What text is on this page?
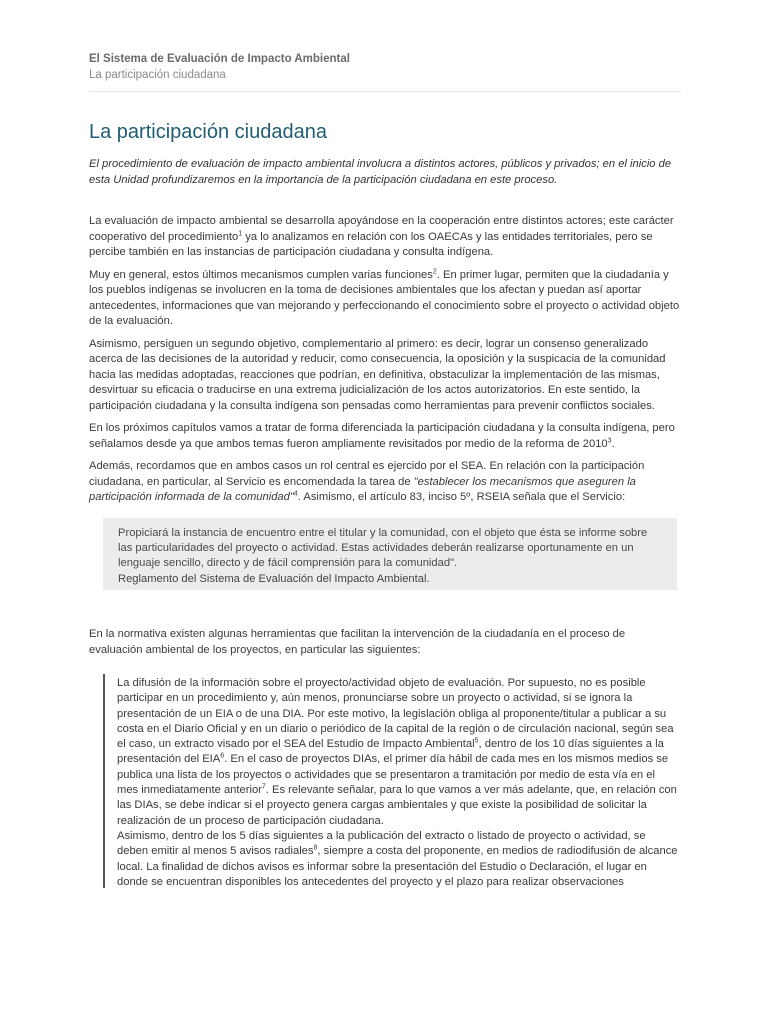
El Sistema de Evaluación de Impacto Ambiental
La participación ciudadana
La participación ciudadana

El procedimiento de evaluación de impacto ambiental involucra a distintos actores, públicos y privados; en el inicio de esta Unidad profundizaremos en la importancia de la participación ciudadana en este proceso.

La evaluación de impacto ambiental se desarrolla apoyándose en la cooperación entre distintos actores; este carácter cooperativo del procedimiento$^1$ ya lo analizamos en relación con los OAECAs y las entidades territoriales, pero se percibe también en las instancias de participación ciudadana y consulta indígena.

Muy en general, estos últimos mecanismos cumplen varias funciones$^2$. En primer lugar, permiten que la ciudadanía y los pueblos indígenas se involucren en la toma de decisiones ambientales que los afectan y puedan así aportar antecedentes, informaciones que van mejorando y perfeccionando el conocimiento sobre el proyecto o actividad objeto de la evaluación.

Asimismo, persiguen un segundo objetivo, complementario al primero: es decir, lograr un consenso generalizado acerca de las decisiones de la autoridad y reducir, como consecuencia, la oposición y la suspicacia de la comunidad hacia las medidas adoptadas, reacciones que podrían, en definitiva, obstaculizar la implementación de las mismas, desvirtuar su eficacia o traducirse en una extrema judicialización de los actos autorizatorios. En este sentido, la participación ciudadana y la consulta indígena son pensadas como herramientas para prevenir conflictos sociales.

En los próximos capítulos vamos a tratar de forma diferenciada la participación ciudadana y la consulta indígena, pero señalamos desde ya que ambos temas fueron ampliamente revisitados por medio de la reforma de 2010$^3$.

Además, recordamos que en ambos casos un rol central es ejercido por el SEA. En relación con la participación ciudadana, en particular, al Servicio es encomendada la tarea de "establecer los mecanismos que aseguren la participación informada de la comunidad"$^4$. Asimismo, el artículo 83, inciso 5º, RSEIA señala que el Servicio:

Propiciará la instancia de encuentro entre el titular y la comunidad, con el objeto que ésta se informe sobre las particularidades del proyecto o actividad. Estas actividades deberán realizarse oportunamente en un lenguaje sencillo, directo y de fácil comprensión para la comunidad".
Reglamento del Sistema de Evaluación del Impacto Ambiental.

En la normativa existen algunas herramientas que facilitan la intervención de la ciudadanía en el proceso de evaluación ambiental de los proyectos, en particular las siguientes:

La difusión de la información sobre el proyecto/actividad objeto de evaluación. Por supuesto, no es posible participar en un procedimiento y, aún menos, pronunciarse sobre un proyecto o actividad, si se ignora la presentación de un EIA o de una DIA. Por este motivo, la legislación obliga al proponente/titular a publicar a su costa en el Diario Oficial y en un diario o periódico de la capital de la región o de circulación nacional, según sea el caso, un extracto visado por el SEA del Estudio de Impacto Ambiental$^5$, dentro de los 10 días siguientes a la presentación del EIA$^6$. En el caso de proyectos DIAs, el primer día hábil de cada mes en los mismos medios se publica una lista de los proyectos o actividades que se presentaron a tramitación por medio de esta vía en el mes inmediatamente anterior$^7$. Es relevante señalar, para lo que vamos a ver más adelante, que, en relación con las DIAs, se debe indicar si el proyecto genera cargas ambientales y que existe la posibilidad de solicitar la realización de un proceso de participación ciudadana.

Asimismo, dentro de los 5 días siguientes a la publicación del extracto o listado de proyecto o actividad, se deben emitir al menos 5 avisos radiales$^8$, siempre a costa del proponente, en medios de radiodifusión de alcance local. La finalidad de dichos avisos es informar sobre la presentación del Estudio o Declaración, el lugar en donde se encuentran disponibles los antecedentes del proyecto y el plazo para realizar observaciones
